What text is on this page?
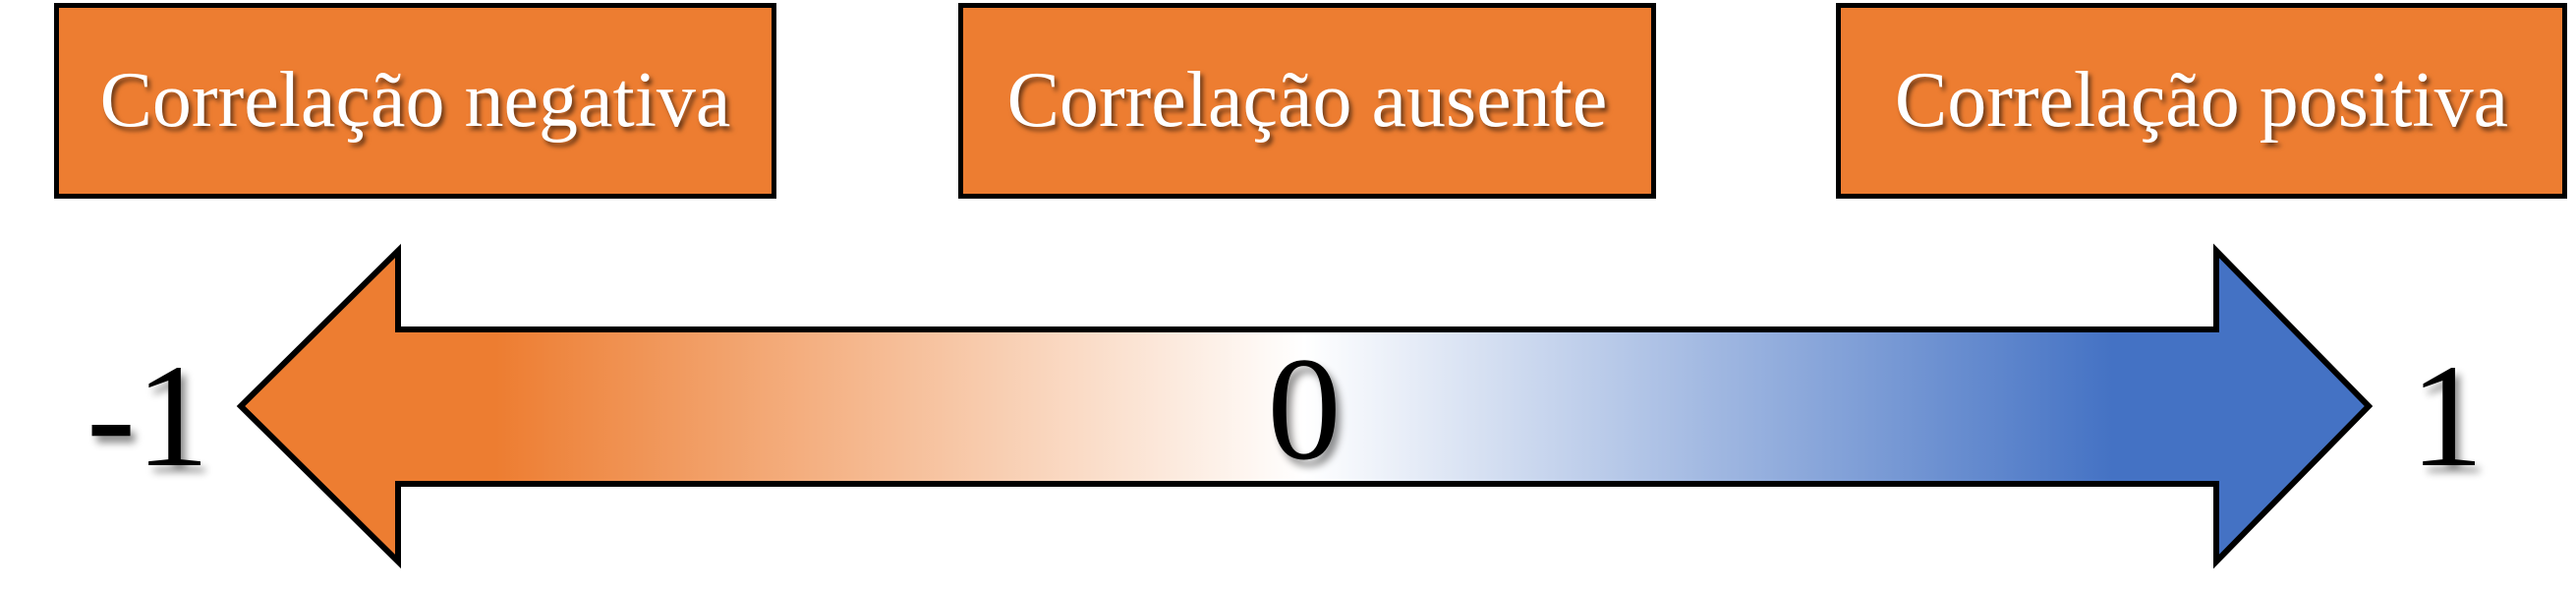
Correlação negativa	Correlação ausente	Correlação positiva
-1	1
0
